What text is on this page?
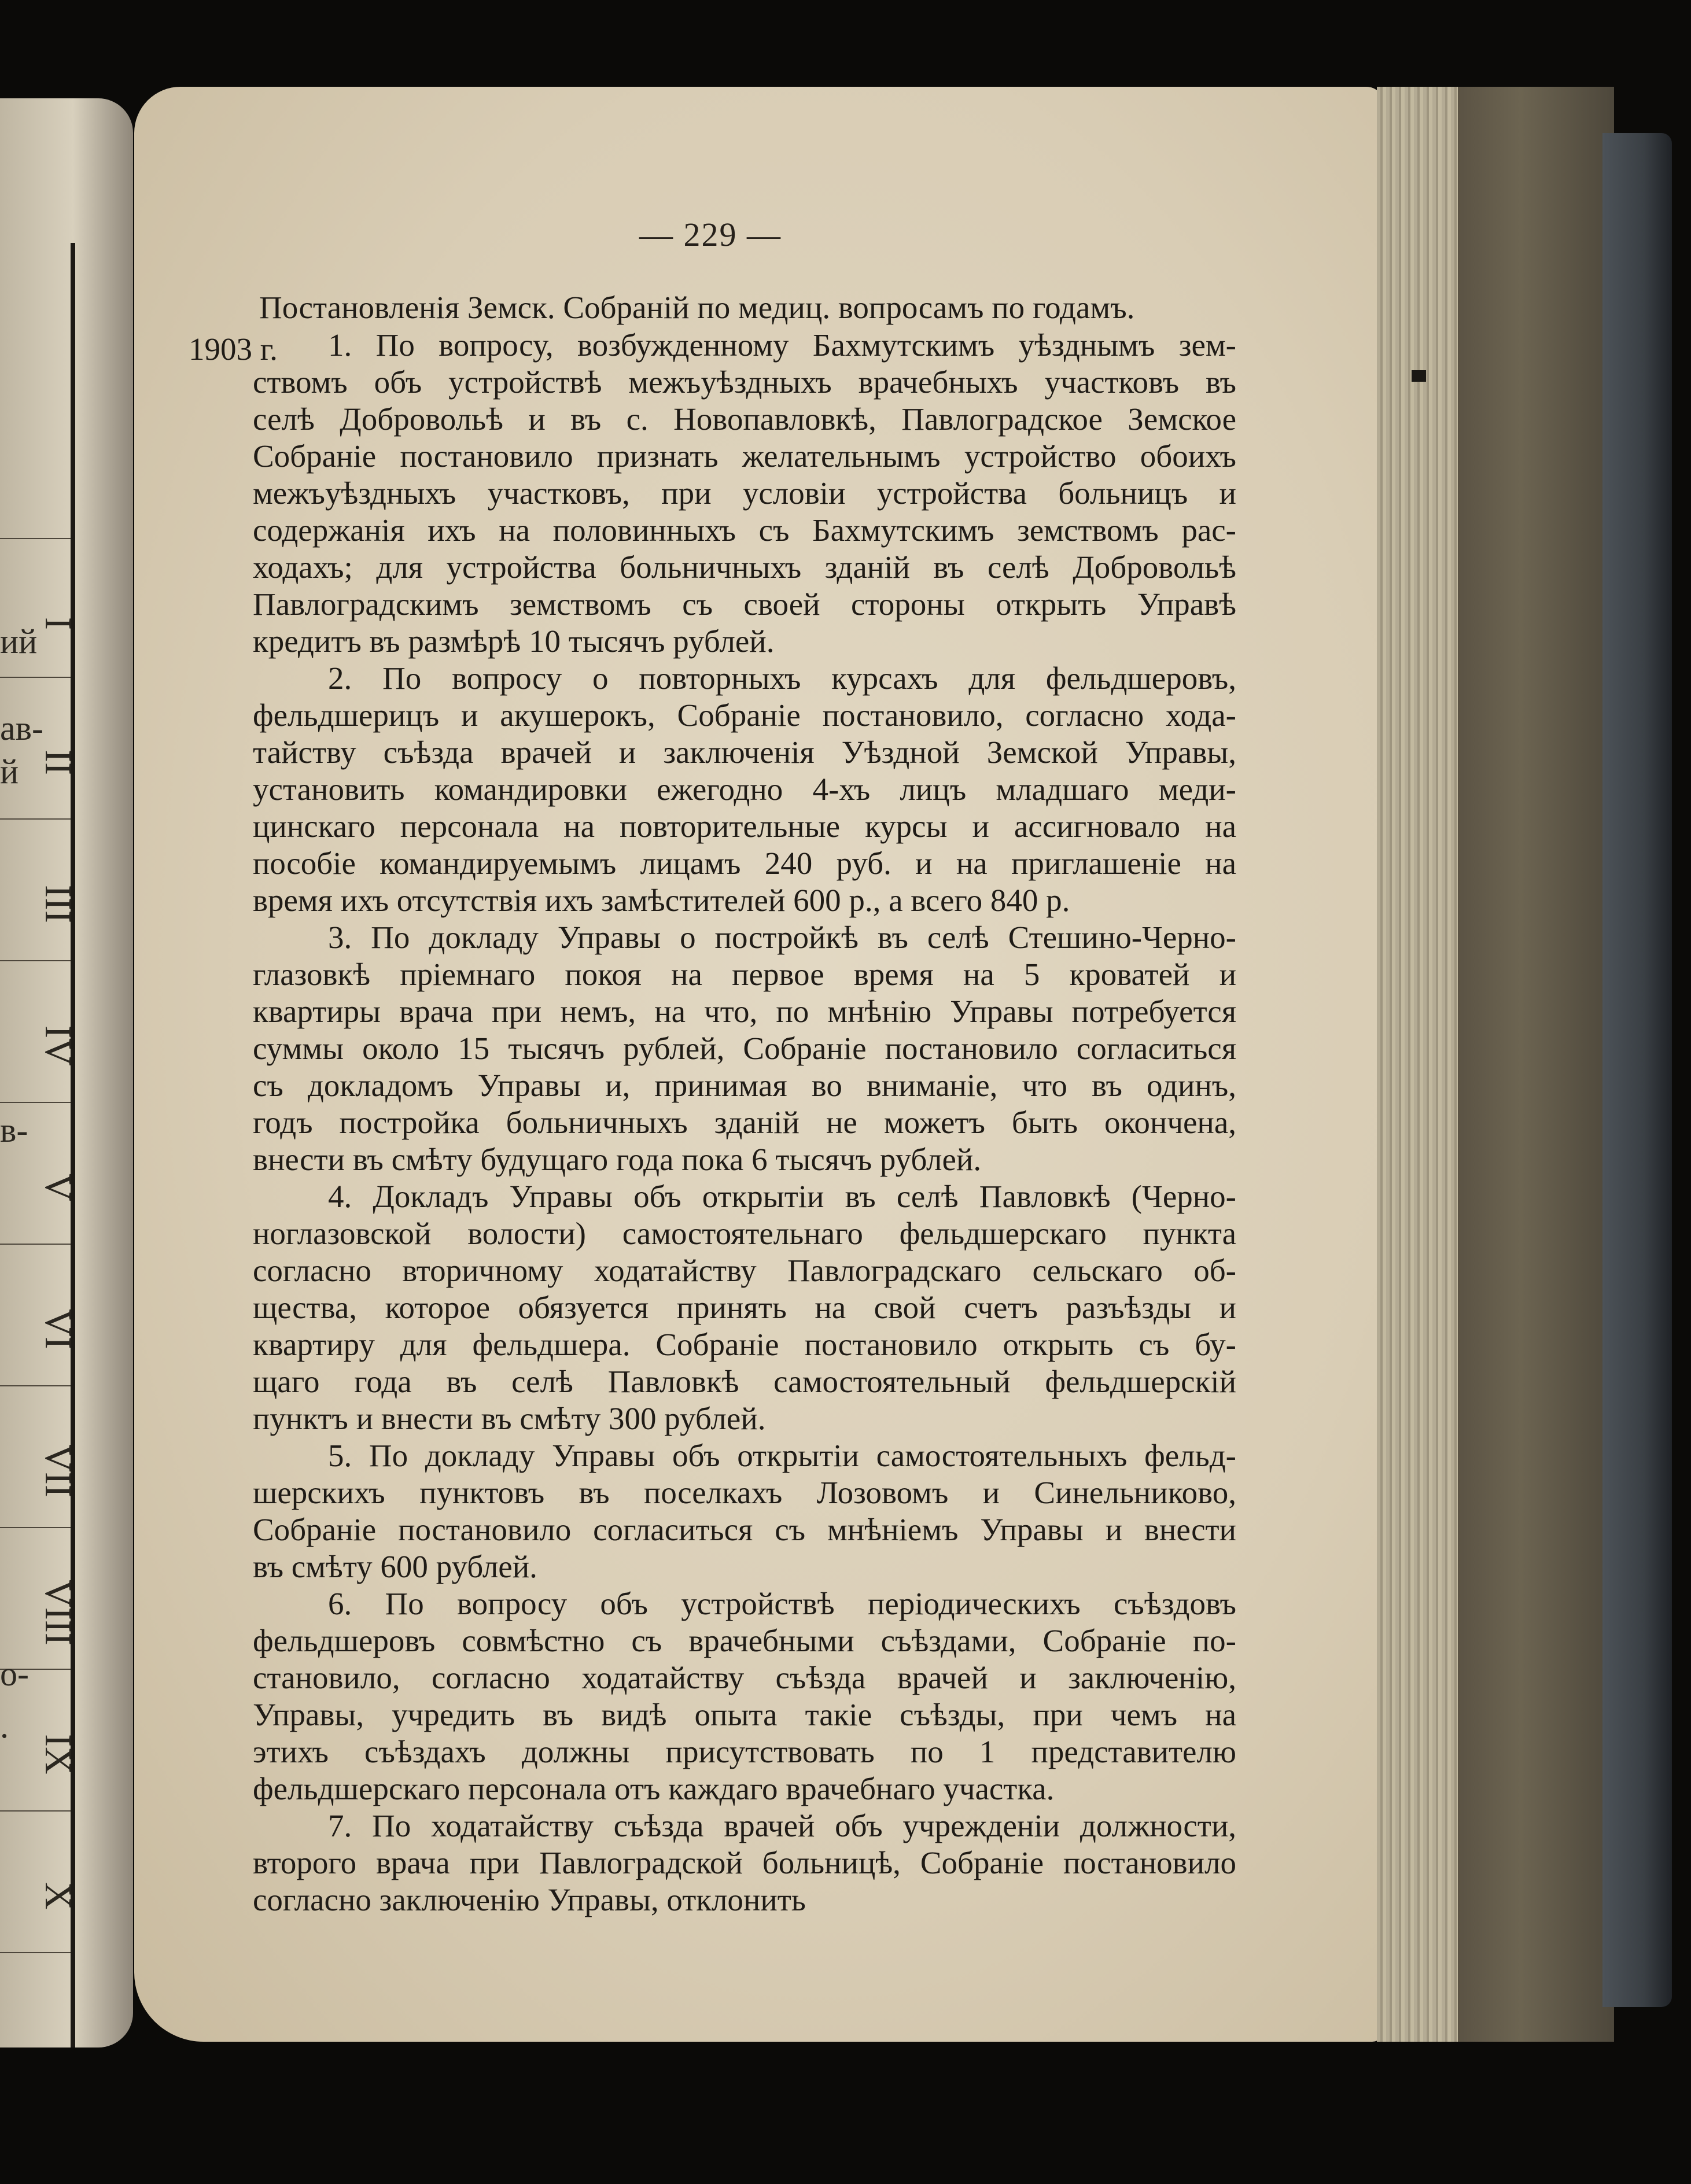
I
II
III
IV
V
VI
VII
VIII
IX
X
ий
ав-
й
в-
о-
.
— 229 —
Постановленія Земск. Собраній по медиц. вопросамъ по годамъ.
1903 г. 1. По вопросу, возбужденному Бахмутскимъ уѣзднымъ зем-
ствомъ объ устройствѣ межъуѣздныхъ врачебныхъ участковъ въ
селѣ Добровольѣ и въ с. Новопавловкѣ, Павлоградское Земское
Собраніе постановило признать желательнымъ устройство обоихъ
межъуѣздныхъ участковъ, при условіи устройства больницъ и
содержанія ихъ на половинныхъ съ Бахмутскимъ земствомъ рас-
ходахъ; для устройства больничныхъ зданій въ селѣ Добровольѣ
Павлоградскимъ земствомъ съ своей стороны открыть Управѣ
кредитъ въ размѣрѣ 10 тысячъ рублей.
2. По вопросу о повторныхъ курсахъ для фельдшеровъ,
фельдшерицъ и акушерокъ, Собраніе постановило, согласно хода-
тайству съѣзда врачей и заключенія Уѣздной Земской Управы,
установить командировки ежегодно 4-хъ лицъ младшаго меди-
цинскаго персонала на повторительные курсы и ассигновало на
пособіе командируемымъ лицамъ 240 руб. и на приглашеніе на
время ихъ отсутствія ихъ замѣстителей 600 р., а всего 840 р.
3. По докладу Управы о постройкѣ въ селѣ Стешино-Черно-
глазовкѣ пріемнаго покоя на первое время на 5 кроватей и
квартиры врача при немъ, на что, по мнѣнію Управы потребуется
суммы около 15 тысячъ рублей, Собраніе постановило согласиться
съ докладомъ Управы и, принимая во вниманіе, что въ одинъ,
годъ постройка больничныхъ зданій не можетъ быть окончена,
внести въ смѣту будущаго года пока 6 тысячъ рублей.
4. Докладъ Управы объ открытіи въ селѣ Павловкѣ (Черно-
ноглазовской волости) самостоятельнаго фельдшерскаго пункта
согласно вторичному ходатайству Павлоградскаго сельскаго об-
щества, которое обязуется принять на свой счетъ разъѣзды и
квартиру для фельдшера. Собраніе постановило открыть съ бу-
щаго года въ селѣ Павловкѣ самостоятельный фельдшерскій
пунктъ и внести въ смѣту 300 рублей.
5. По докладу Управы объ открытіи самостоятельныхъ фельд-
шерскихъ пунктовъ въ поселкахъ Лозовомъ и Синельниково,
Собраніе постановило согласиться съ мнѣніемъ Управы и внести
въ смѣту 600 рублей.
6. По вопросу объ устройствѣ періодическихъ съѣздовъ
фельдшеровъ совмѣстно съ врачебными съѣздами, Собраніе по-
становило, согласно ходатайству съѣзда врачей и заключенію,
Управы, учредить въ видѣ опыта такіе съѣзды, при чемъ на
этихъ съѣздахъ должны присутствовать по 1 представителю
фельдшерскаго персонала отъ каждаго врачебнаго участка.
7. По ходатайству съѣзда врачей объ учрежденіи должности,
второго врача при Павлоградской больницѣ, Собраніе постановило
согласно заключенію Управы, отклонить
